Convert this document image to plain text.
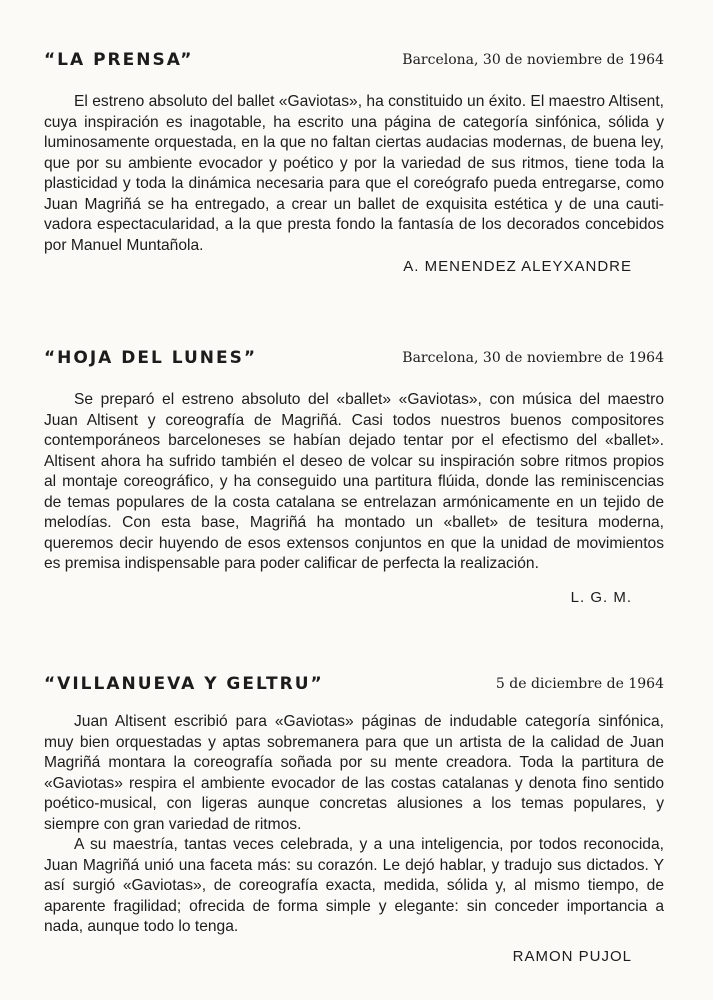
“LA PRENSA”	Barcelona, 30 de noviembre de 1964

El estreno absoluto del ballet «Gaviotas», ha constituido un éxito. El maestro Altisent, cuya inspiración es inagotable, ha escrito una página de categoría sinfónica, sólida y luminosamente orquestada, en la que no faltan ciertas audacias modernas, de buena ley, que por su ambiente evocador y poético y por la variedad de sus ritmos, tiene toda la plasticidad y toda la dinámica necesaria para que el coreógrafo pueda entregarse, como Juan Magriñá se ha entregado, a crear un ballet de exquisita estética y de una cautivadora espectacularidad, a la que presta fondo la fantasía de los decorados concebidos por Manuel Muntañola.

A. MENENDEZ ALEYXANDRE
“HOJA DEL LUNES”	Barcelona, 30 de noviembre de 1964

Se preparó el estreno absoluto del «ballet» «Gaviotas», con música del maestro Juan Altisent y coreografía de Magriñá. Casi todos nuestros buenos compositores contemporáneos barceloneses se habían dejado tentar por el efectismo del «ballet». Altisent ahora ha sufrido también el deseo de volcar su inspiración sobre ritmos propios al montaje coreográfico, y ha conseguido una partitura flúida, donde las reminiscencias de temas populares de la costa catalana se entrelazan armónicamente en un tejido de melodías. Con esta base, Magriñá ha montado un «ballet» de tesitura moderna, queremos decir huyendo de esos extensos conjuntos en que la unidad de movimientos es premisa indispensable para poder calificar de perfecta la realización.

L. G. M.
“VILLANUEVA Y GELTRU”	5 de diciembre de 1964

Juan Altisent escribió para «Gaviotas» páginas de indudable categoría sinfónica, muy bien orquestadas y aptas sobremanera para que un artista de la calidad de Juan Magriñá montara la coreografía soñada por su mente creadora. Toda la partitura de «Gaviotas» respira el ambiente evocador de las costas catalanas y denota fino sentido poético-musical, con ligeras aunque concretas alusiones a los temas populares, y siempre con gran variedad de ritmos.

A su maestría, tantas veces celebrada, y a una inteligencia, por todos reconocida, Juan Magriñá unió una faceta más: su corazón. Le dejó hablar, y tradujo sus dictados. Y así surgió «Gaviotas», de coreografía exacta, medida, sólida y, al mismo tiempo, de aparente fragilidad; ofrecida de forma simple y elegante: sin conceder importancia a nada, aunque todo lo tenga.

RAMON PUJOL
